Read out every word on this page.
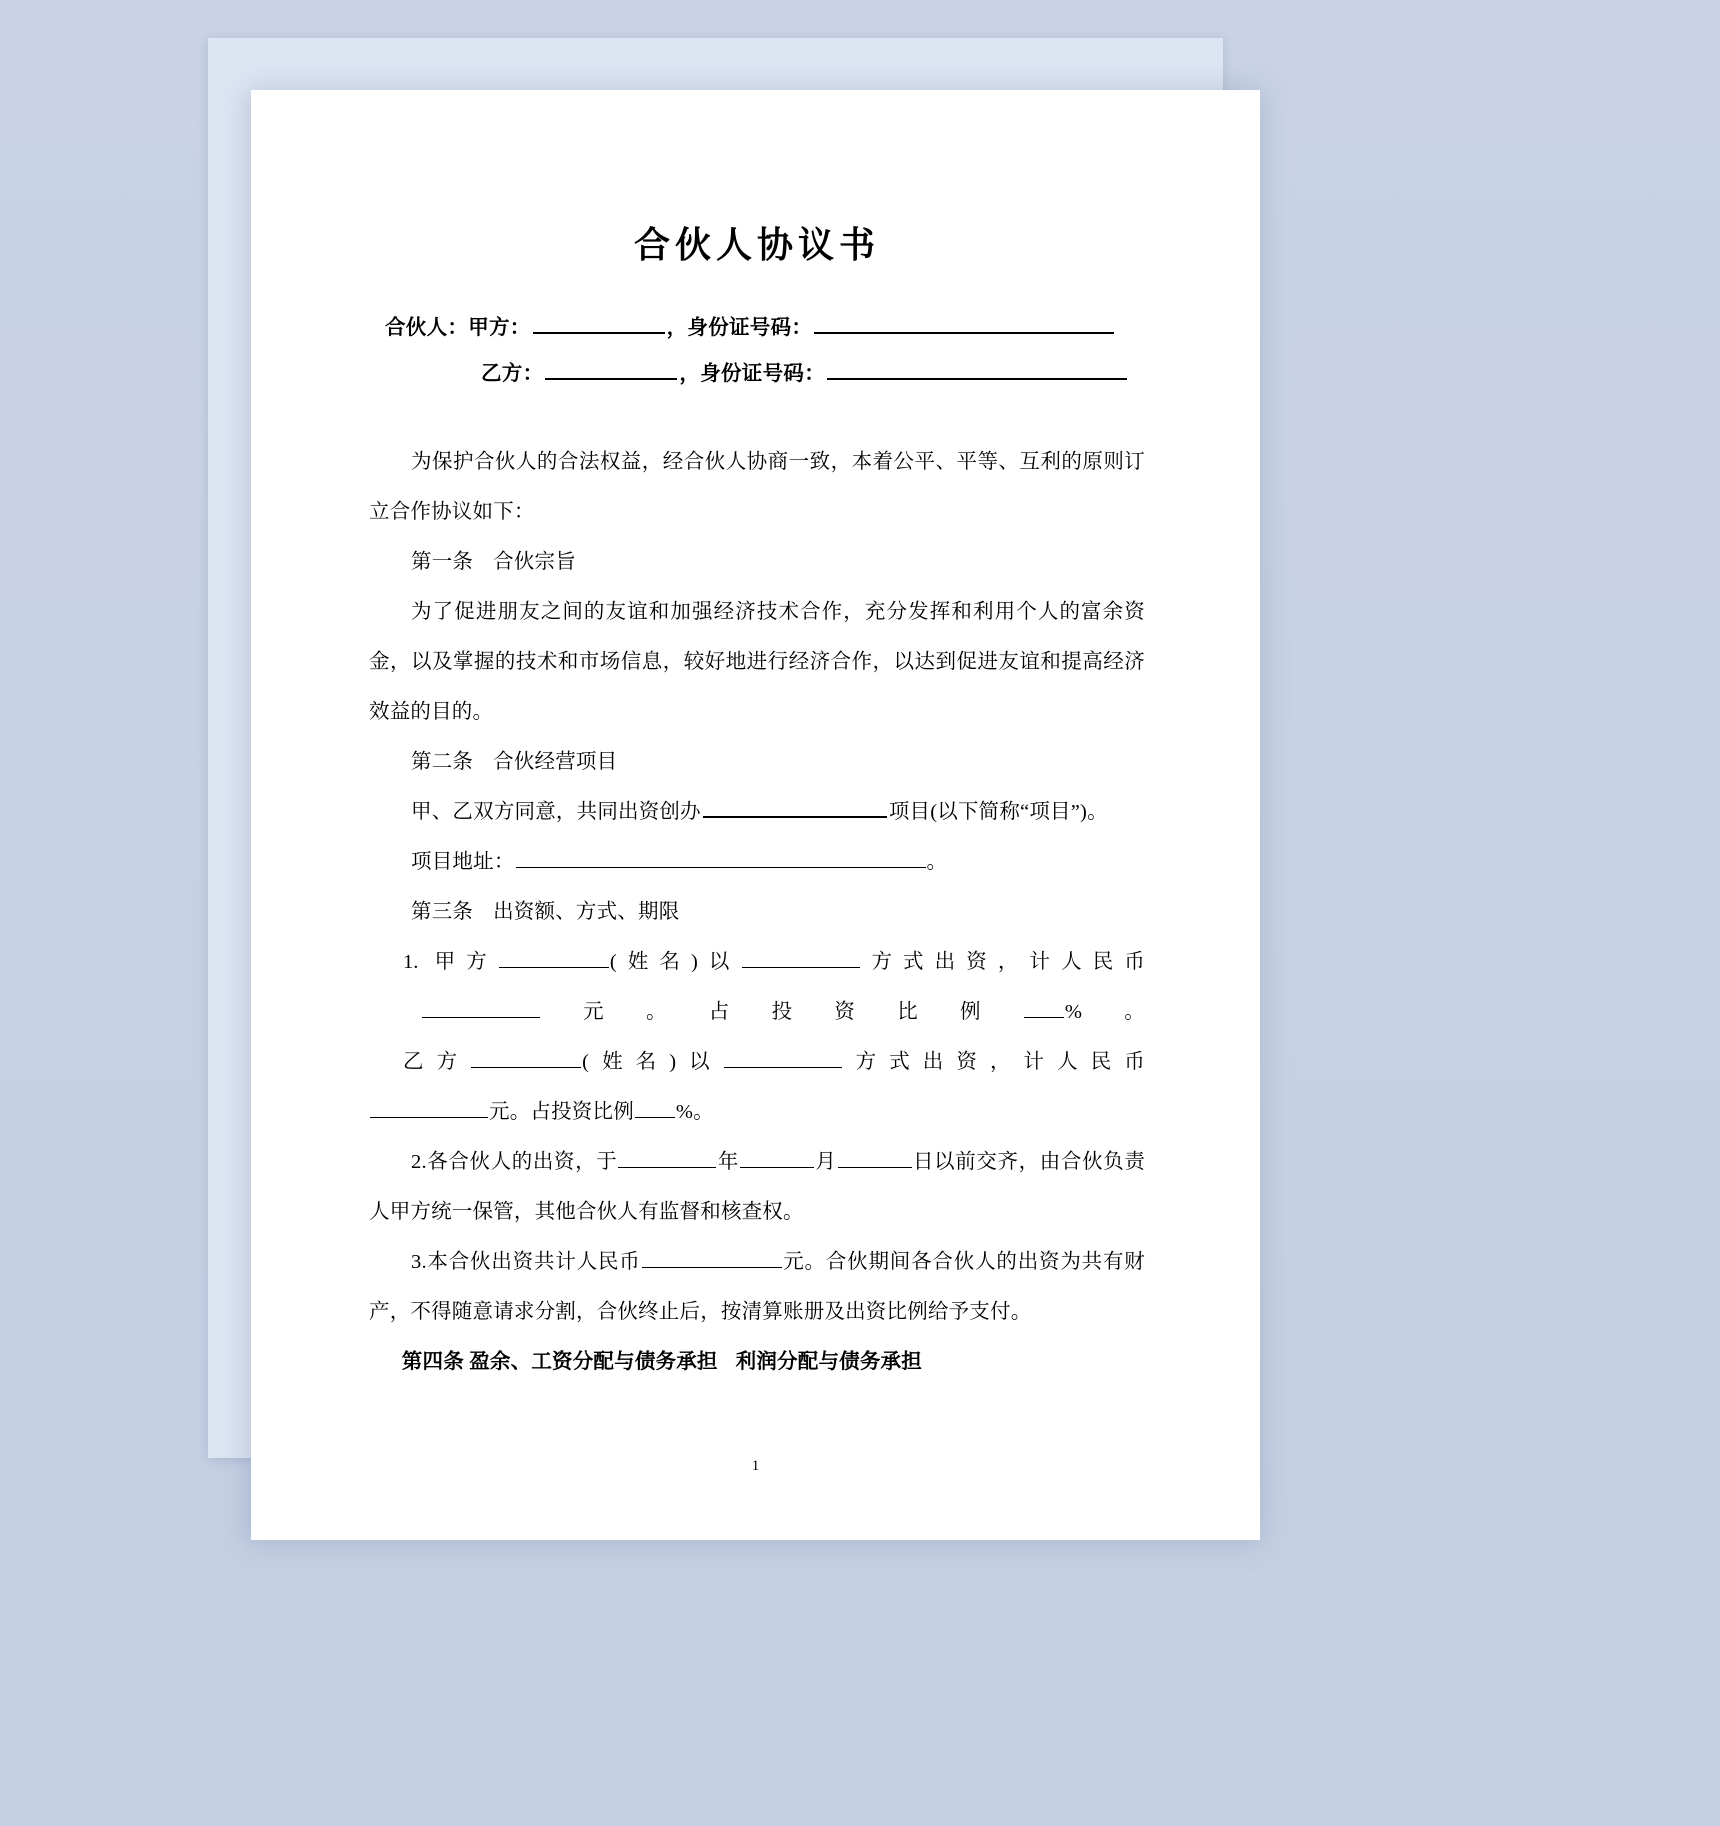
合伙人协议书
合伙人：甲方：	，身份证号码：
乙方：	，身份证号码：

为保护合伙人的合法权益，经合伙人协商一致，本着公平、平等、互利的原则订立合作协议如下：

第一条 合伙宗旨

为了促进朋友之间的友谊和加强经济技术合作，充分发挥和利用个人的富余资金，以及掌握的技术和市场信息，较好地进行经济合作，以达到促进友谊和提高经济效益的目的。

第二条 合伙经营项目

甲、乙双方同意，共同出资创办	项目(以下简称“项目”)。

项目地址：	。

第三条 出资额、方式、期限

1. 甲方	(姓名)以	方式出资，计人民币

元。占投资比例 %。

乙方	(姓名)以	方式出资，计人民币

元。占投资比例 %。

2.各合伙人的出资，于	年	月	日以前交齐，由合伙负责人甲方统一保管，其他合伙人有监督和核查权。

3.本合伙出资共计人民币	元。合伙期间各合伙人的出资为共有财产，不得随意请求分割，合伙终止后，按清算账册及出资比例给予支付。

第四条 盈余、工资分配与债务承担 利润分配与债务承担

1
